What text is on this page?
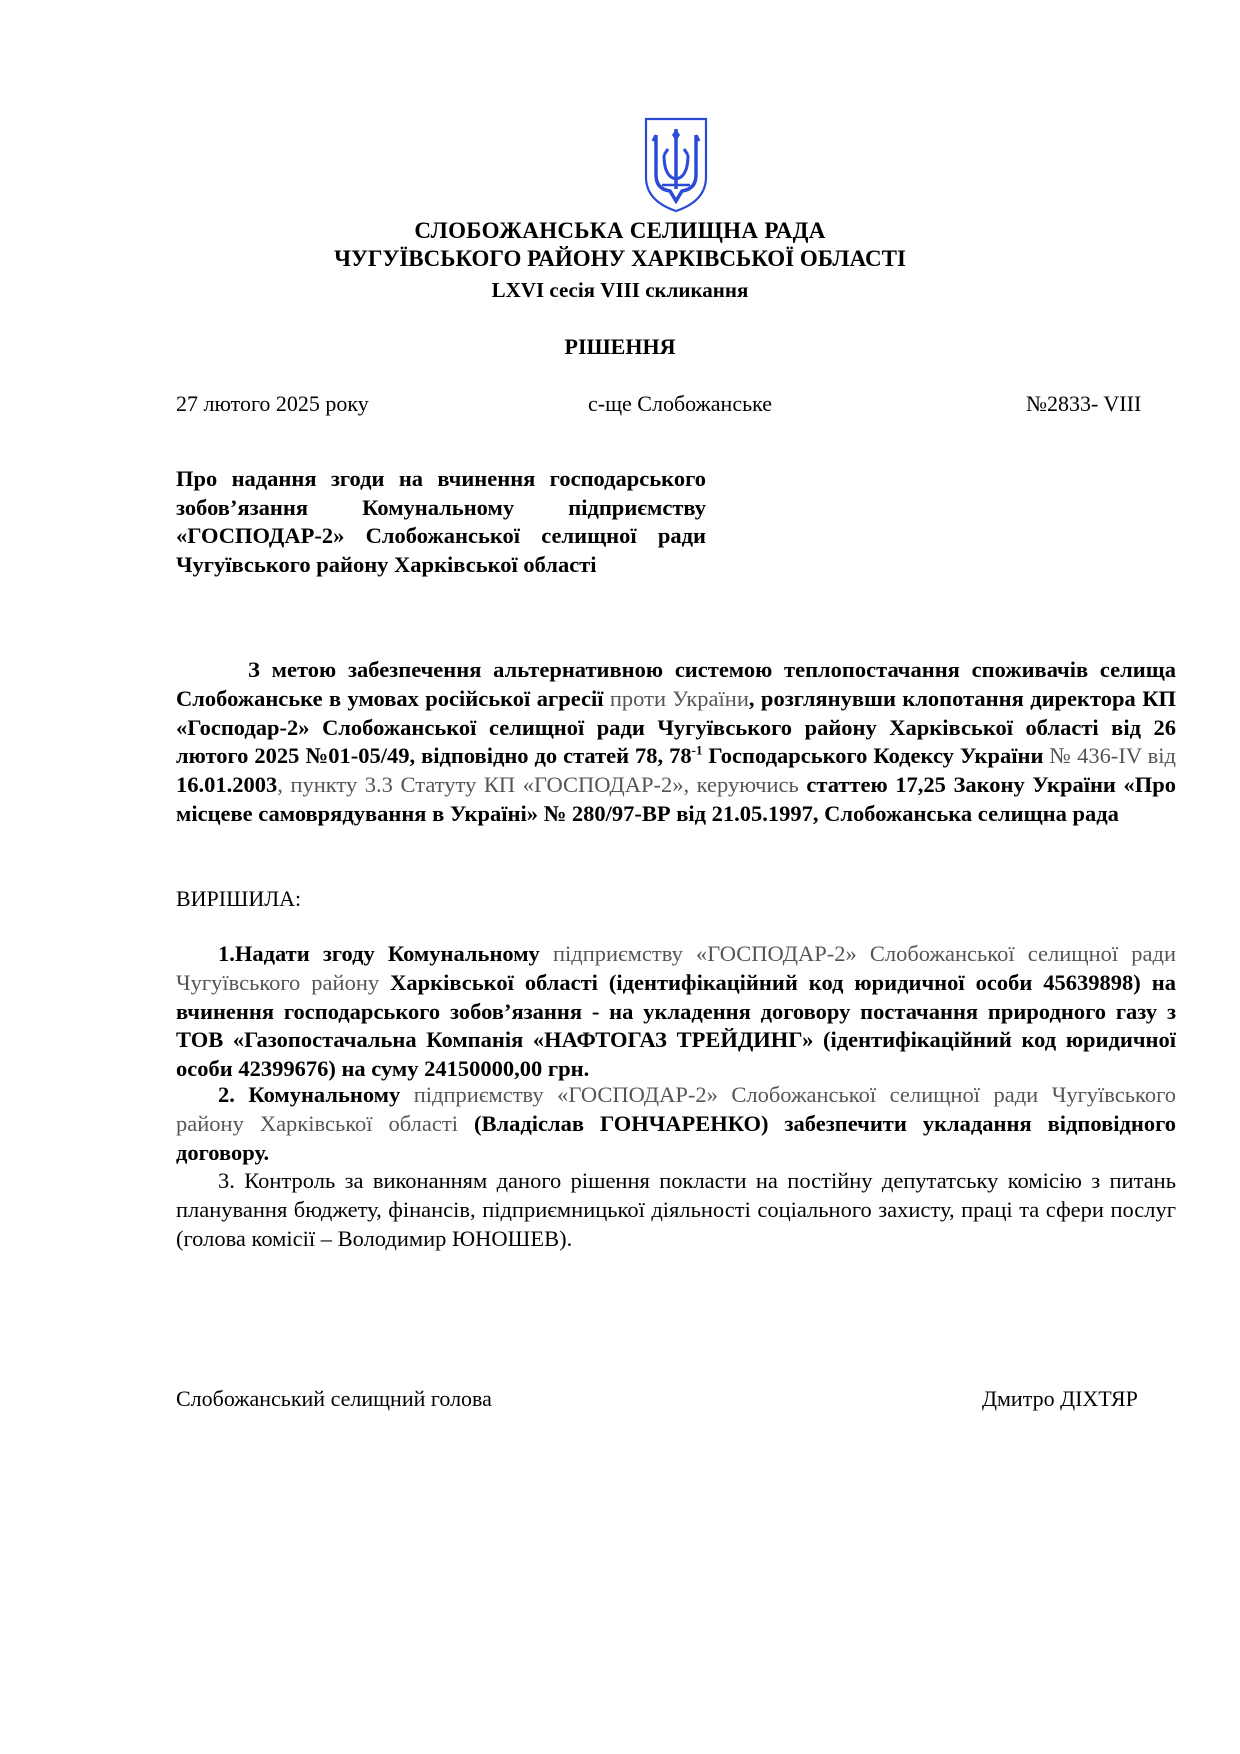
СЛОБОЖАНСЬКА СЕЛИЩНА РАДА
ЧУГУЇВСЬКОГО РАЙОНУ ХАРКІВСЬКОЇ ОБЛАСТІ
LXVI сесія VIII скликання
РІШЕННЯ
27 лютого 2025 року	с-ще Слобожанське	№2833- VIII
Про надання згоди на вчинення господарського зобов’язання Комунальному підприємству «ГОСПОДАР-2» Слобожанської селищної ради Чугуївського району Харківської області
З метою забезпечення альтернативною системою теплопостачання споживачів селища Слобожанське в умовах російської агресії проти України, розглянувши клопотання директора КП «Господар-2» Слобожанської селищної ради Чугуївського району Харківської області від 26 лютого 2025 №01-05/49, відповідно до статей 78, $78^{-1}$ Господарського Кодексу України № 436-IV від 16.01.2003, пункту 3.3 Статуту КП «ГОСПОДАР-2», керуючись статтею 17,25 Закону України «Про місцеве самоврядування в Україні» № 280/97-ВР від 21.05.1997, Слобожанська селищна рада
ВИРІШИЛА:
1.Надати згоду Комунальному підприємству «ГОСПОДАР-2» Слобожанської селищної ради Чугуївського району Харківської області (ідентифікаційний код юридичної особи 45639898) на вчинення господарського зобов’язання - на укладення договору постачання природного газу з ТОВ «Газопостачальна Компанія «НАФТОГАЗ ТРЕЙДИНГ» (ідентифікаційний код юридичної особи 42399676) на суму 24150000,00 грн.
2. Комунальному підприємству «ГОСПОДАР-2» Слобожанської селищної ради Чугуївського району Харківської області (Владіслав ГОНЧАРЕНКО) забезпечити укладання відповідного договору.
3. Контроль за виконанням даного рішення покласти на постійну депутатську комісію з питань планування бюджету, фінансів, підприємницької діяльності соціального захисту, праці та сфери послуг (голова комісії – Володимир ЮНОШЕВ).
Слобожанський селищний голова	Дмитро ДІХТЯР
